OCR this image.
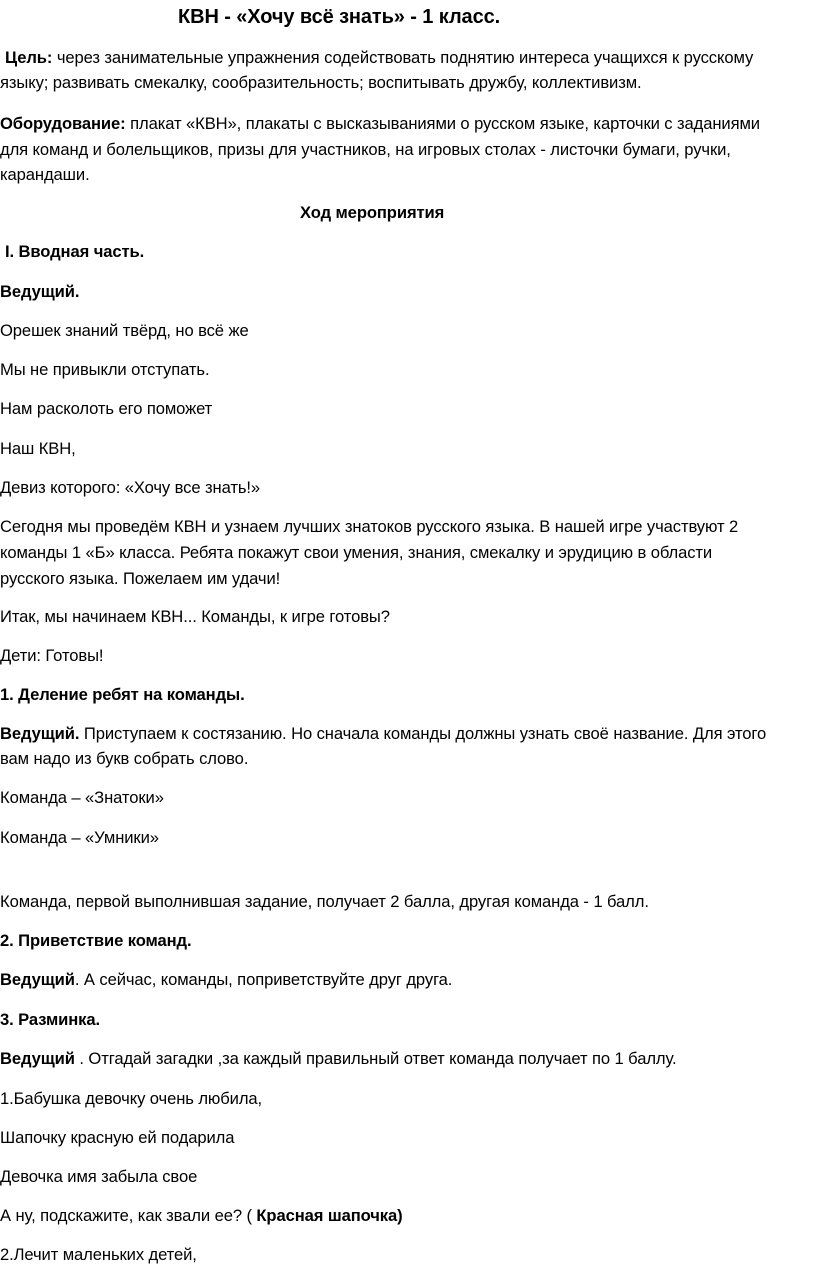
КВН - «Хочу всё знать» - 1 класс.
Цель: через занимательные упражнения содействовать поднятию интереса учащихся к русскому
языку; развивать смекалку, сообразительность; воспитывать дружбу, коллективизм.
Оборудование: плакат «КВН», плакаты с высказываниями о русском языке, карточки с заданиями
для команд и болельщиков, призы для участников, на игровых столах - листочки бумаги, ручки,
карандаши.
Ход мероприятия
I. Вводная часть.
Ведущий.
Орешек знаний твёрд, но всё же
Мы не привыкли отступать.
Нам расколоть его поможет
Наш КВН,
Девиз которого: «Хочу все знать!»
Сегодня мы проведём КВН и узнаем лучших знатоков русского языка. В нашей игре участвуют 2
команды 1 «Б» класса. Ребята покажут свои умения, знания, смекалку и эрудицию в области
русского языка. Пожелаем им удачи!
Итак, мы начинаем КВН... Команды, к игре готовы?
Дети: Готовы!
1. Деление ребят на команды.
Ведущий. Приступаем к состязанию. Но сначала команды должны узнать своё название. Для этого
вам надо из букв собрать слово.
Команда – «Знатоки»
Команда – «Умники»
Команда, первой выполнившая задание, получает 2 балла, другая команда - 1 балл.
2. Приветствие команд.
Ведущий. А сейчас, команды, поприветствуйте друг друга.
3. Разминка.
Ведущий . Отгадай загадки ,за каждый правильный ответ команда получает по 1 баллу.
1.Бабушка девочку очень любила,
Шапочку красную ей подарила
Девочка имя забыла свое
А ну, подскажите, как звали ее? ( Красная шапочка)
2.Лечит маленьких детей,
